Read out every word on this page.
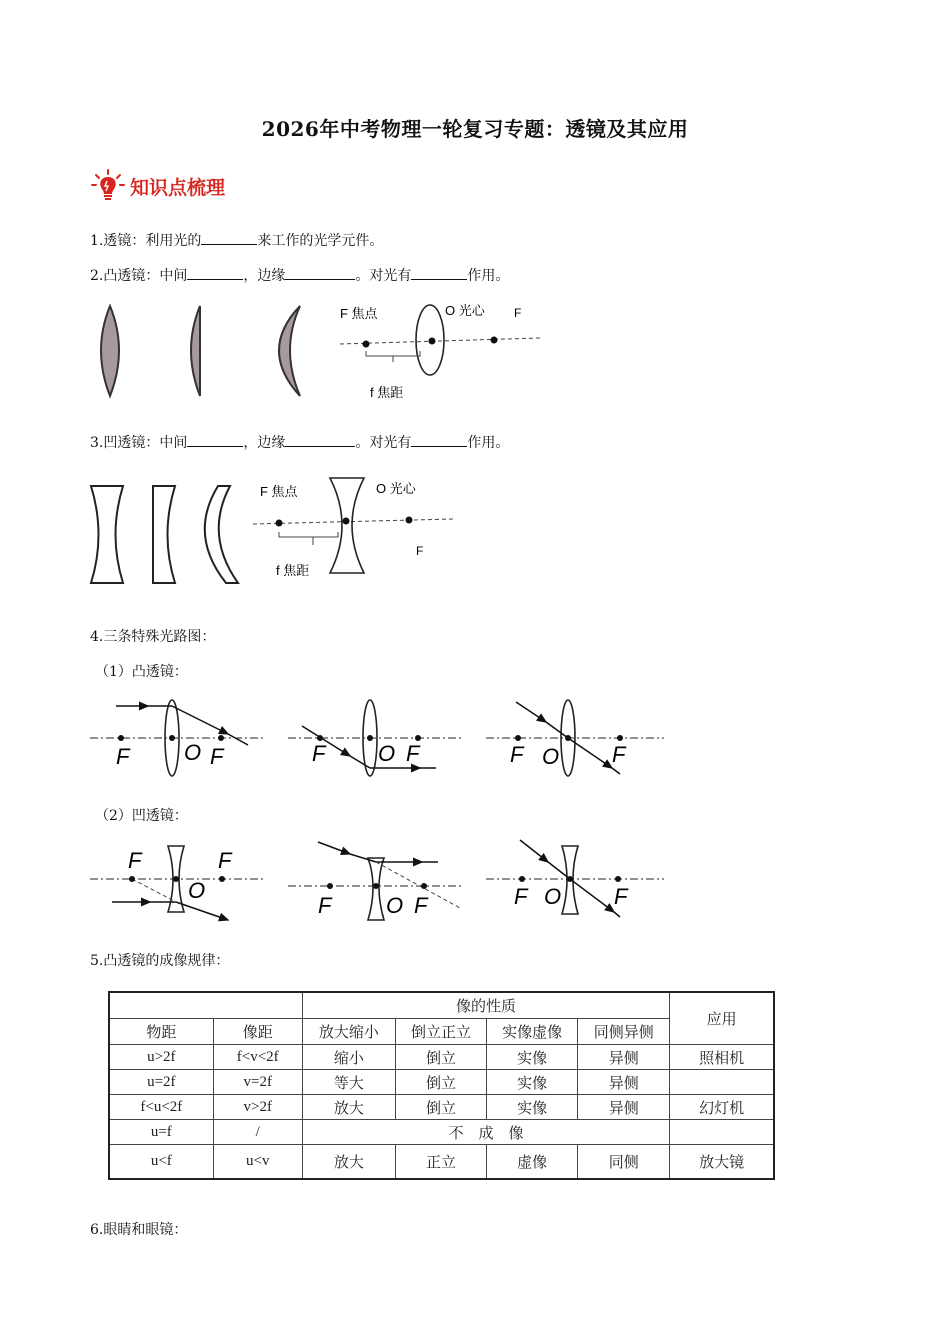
2026年中考物理一轮复习专题：透镜及其应用
知识点梳理
1.透镜：利用光的	来工作的光学元件。
2.凸透镜：中间	，边缘	。对光有	作用。
F 焦点	O 光心 F
f 焦距
3.凹透镜：中间	，边缘	。对光有	作用。
F 焦点	O 光心
F
f 焦距
4.三条特殊光路图：
（1）凸透镜：
F O F	F O F	F O F
（2）凹透镜：
F
O
F
F O F	F O F
5.凸透镜的成像规律：
		像的性质				应用
物距	像距	放大缩小	倒立正立	实像虚像	同侧异侧	
u>2f	f<v<2f	缩小	倒立	实像	异侧	照相机
u=2f	v=2f	等大	倒立	实像	异侧	
f<u<2f	v>2f	放大	倒立	实像	异侧	幻灯机
u=f	/	不　成　像				
u<f	u<v	放大	正立	虚像	同侧	放大镜
6.眼睛和眼镜：
